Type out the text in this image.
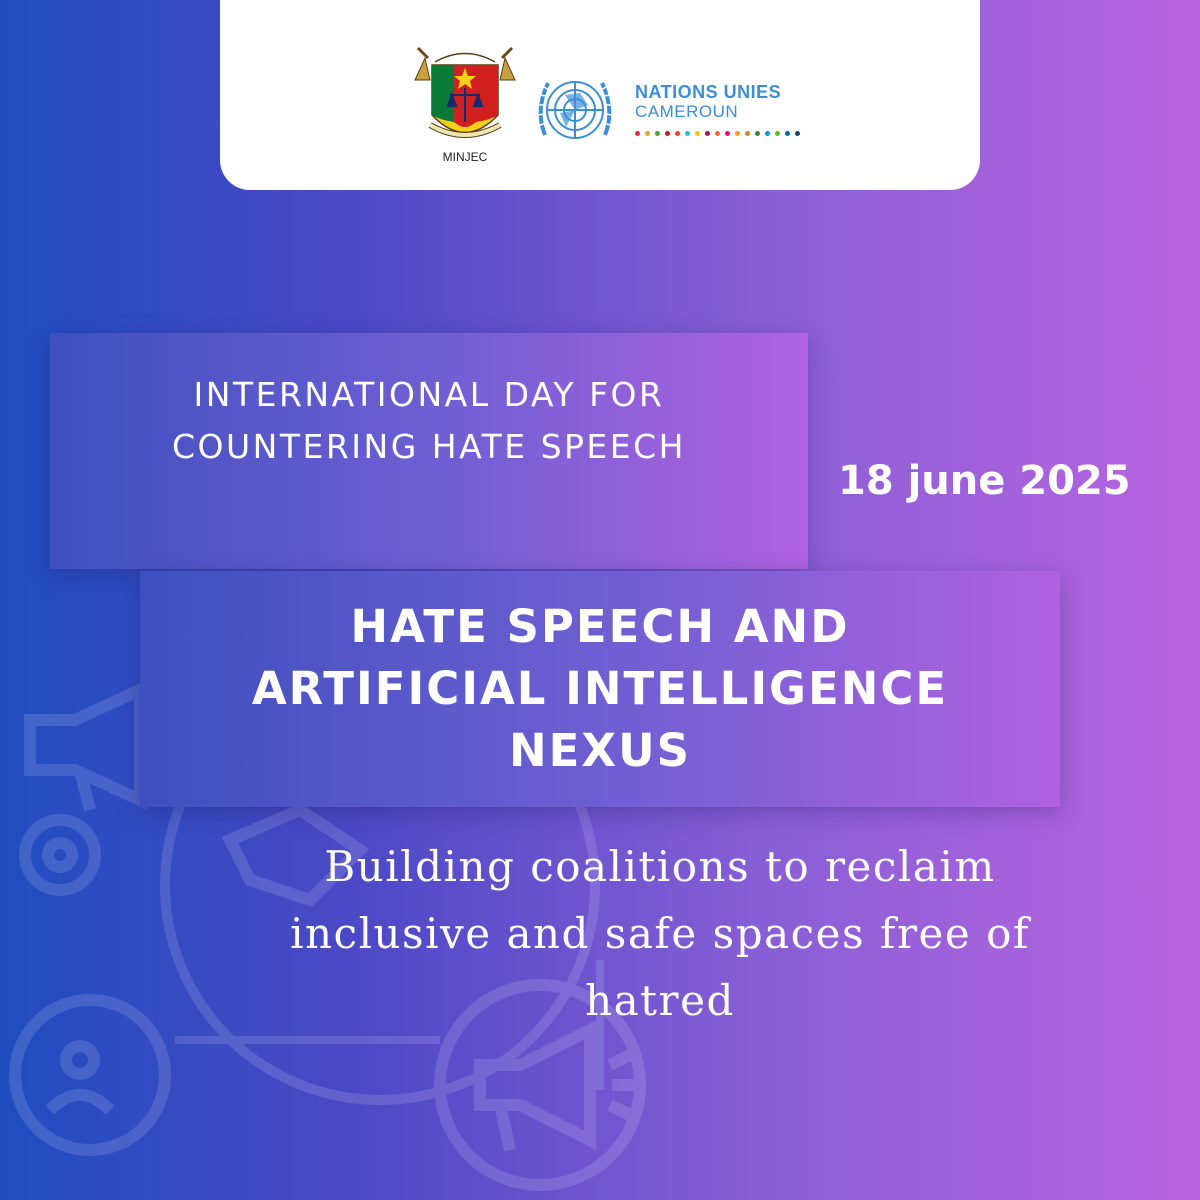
MINJEC
NATIONS UNIES
CAMEROUN
INTERNATIONAL DAY FOR
COUNTERING HATE SPEECH
18 june 2025
HATE SPEECH AND
ARTIFICIAL INTELLIGENCE
NEXUS
Building coalitions to reclaim
inclusive and safe spaces free of
hatred
